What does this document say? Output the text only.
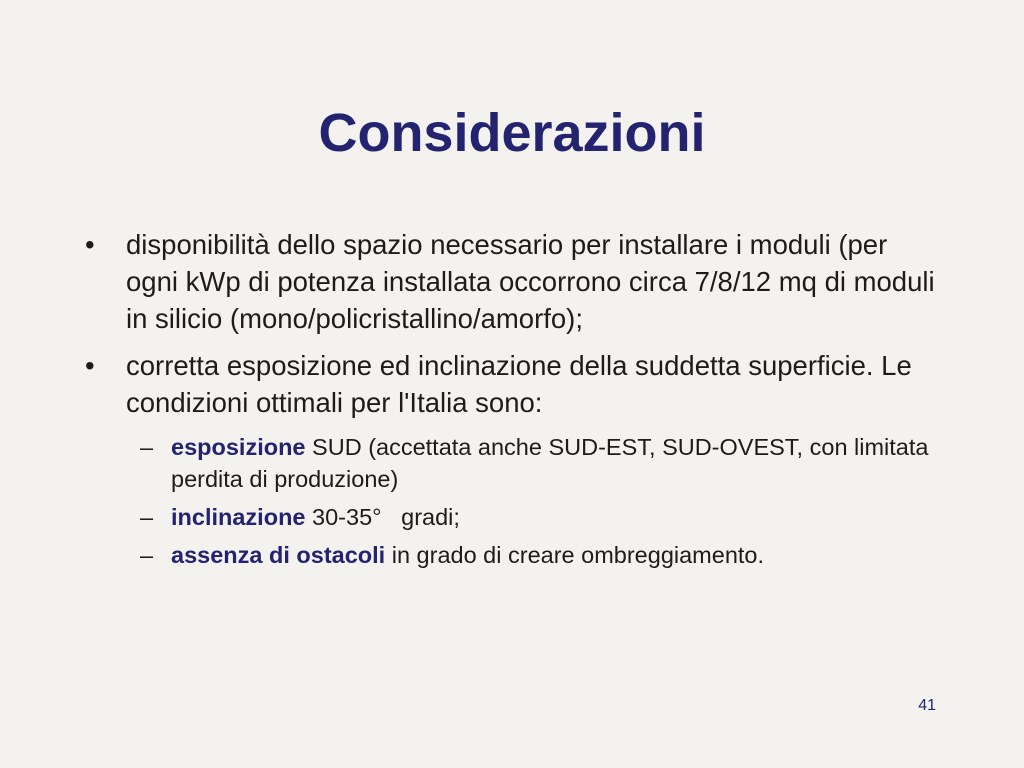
Considerazioni
•	disponibilità dello spazio necessario per installare i moduli (per ogni kWp di potenza installata occorrono circa 7/8/12 mq di moduli in silicio (mono/policristallino/amorfo);
•	corretta esposizione ed inclinazione della suddetta superficie. Le condizioni ottimali per l'Italia sono:
– esposizione SUD (accettata anche SUD-EST, SUD-OVEST, con limitata perdita di produzione)
– inclinazione 30-35°   gradi;
– assenza di ostacoli in grado di creare ombreggiamento.
41
